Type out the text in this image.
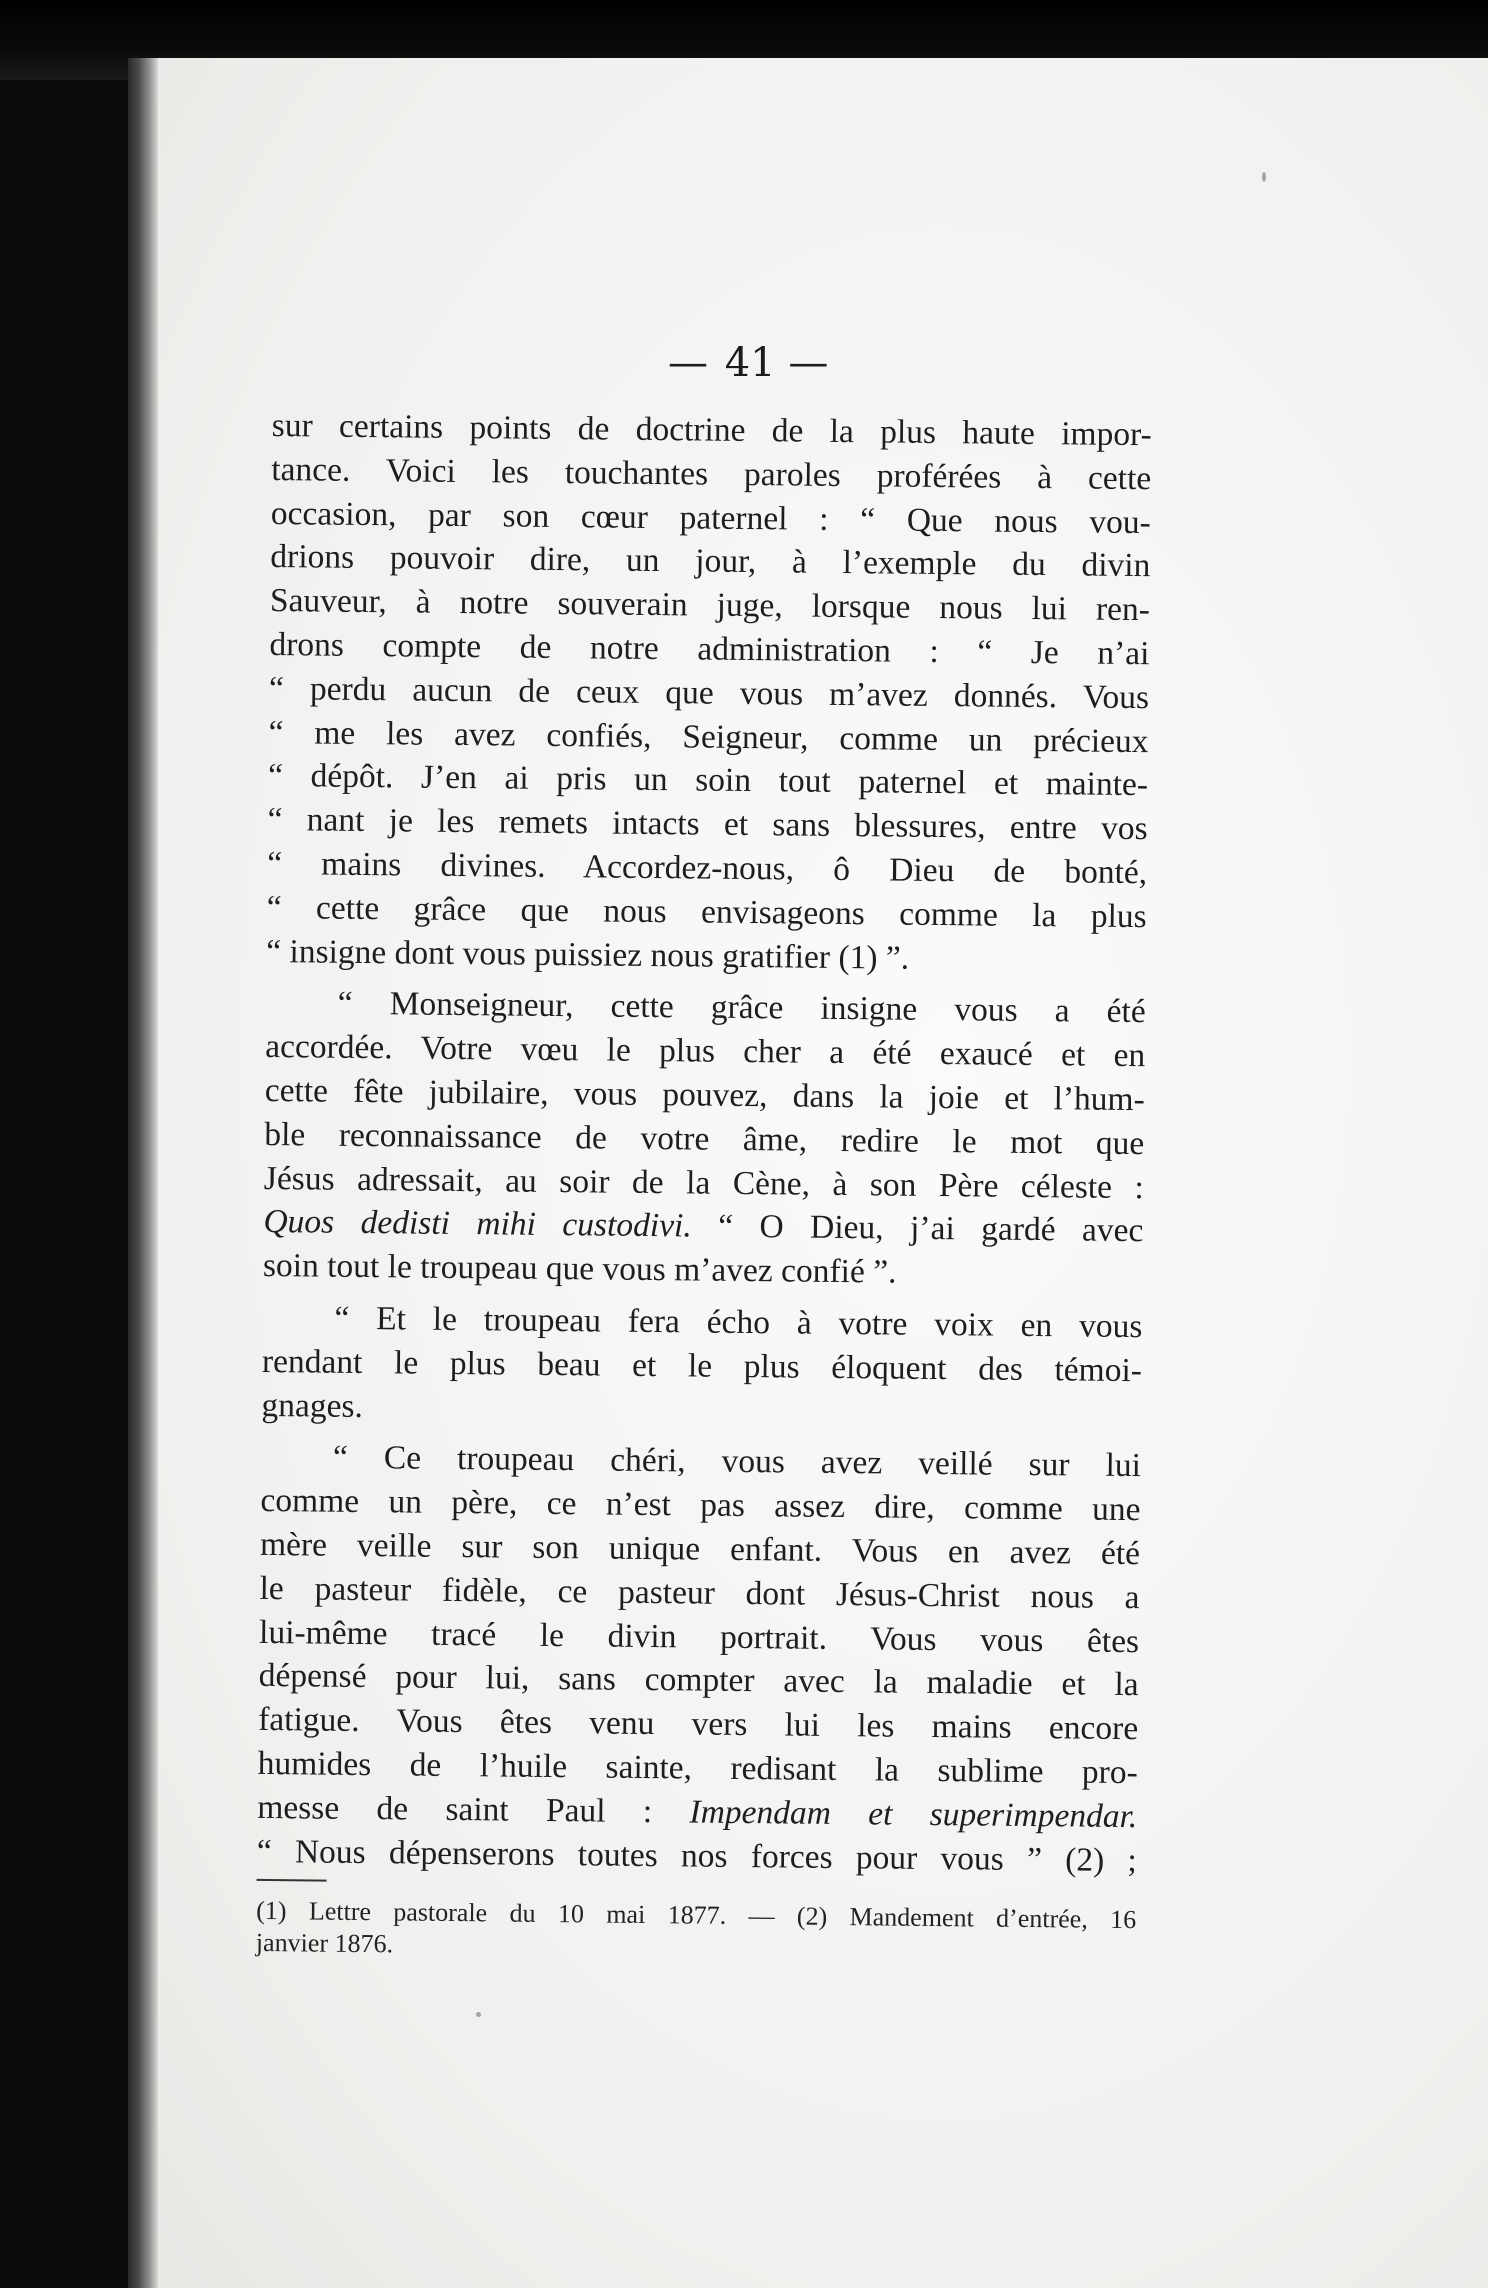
— 41 —

sur certains points de doctrine de la plus haute impor-
tance. Voici les touchantes paroles proférées à cette
occasion, par son cœur paternel : “ Que nous vou-
drions pouvoir dire, un jour, à l’exemple du divin
Sauveur, à notre souverain juge, lorsque nous lui ren-
drons compte de notre administration : “ Je n’ai
“ perdu aucun de ceux que vous m’avez donnés. Vous
“ me les avez confiés, Seigneur, comme un précieux
“ dépôt. J’en ai pris un soin tout paternel et mainte-
“ nant je les remets intacts et sans blessures, entre vos
“ mains divines. Accordez-nous, ô Dieu de bonté,
“ cette grâce que nous envisageons comme la plus
“ insigne dont vous puissiez nous gratifier (1) ”.

“ Monseigneur, cette grâce insigne vous a été
accordée. Votre vœu le plus cher a été exaucé et en
cette fête jubilaire, vous pouvez, dans la joie et l’hum-
ble reconnaissance de votre âme, redire le mot que
Jésus adressait, au soir de la Cène, à son Père céleste :
Quos dedisti mihi custodivi. “ O Dieu, j’ai gardé avec
soin tout le troupeau que vous m’avez confié ”.

“ Et le troupeau fera écho à votre voix en vous
rendant le plus beau et le plus éloquent des témoi-
gnages.

“ Ce troupeau chéri, vous avez veillé sur lui
comme un père, ce n’est pas assez dire, comme une
mère veille sur son unique enfant. Vous en avez été
le pasteur fidèle, ce pasteur dont Jésus-Christ nous a
lui-même tracé le divin portrait. Vous vous êtes
dépensé pour lui, sans compter avec la maladie et la
fatigue. Vous êtes venu vers lui les mains encore
humides de l’huile sainte, redisant la sublime pro-
messe de saint Paul : Impendam et superimpendar.
“ Nous dépenserons toutes nos forces pour vous ” (2) ;

(1) Lettre pastorale du 10 mai 1877. — (2) Mandement d’entrée, 16
janvier 1876.
